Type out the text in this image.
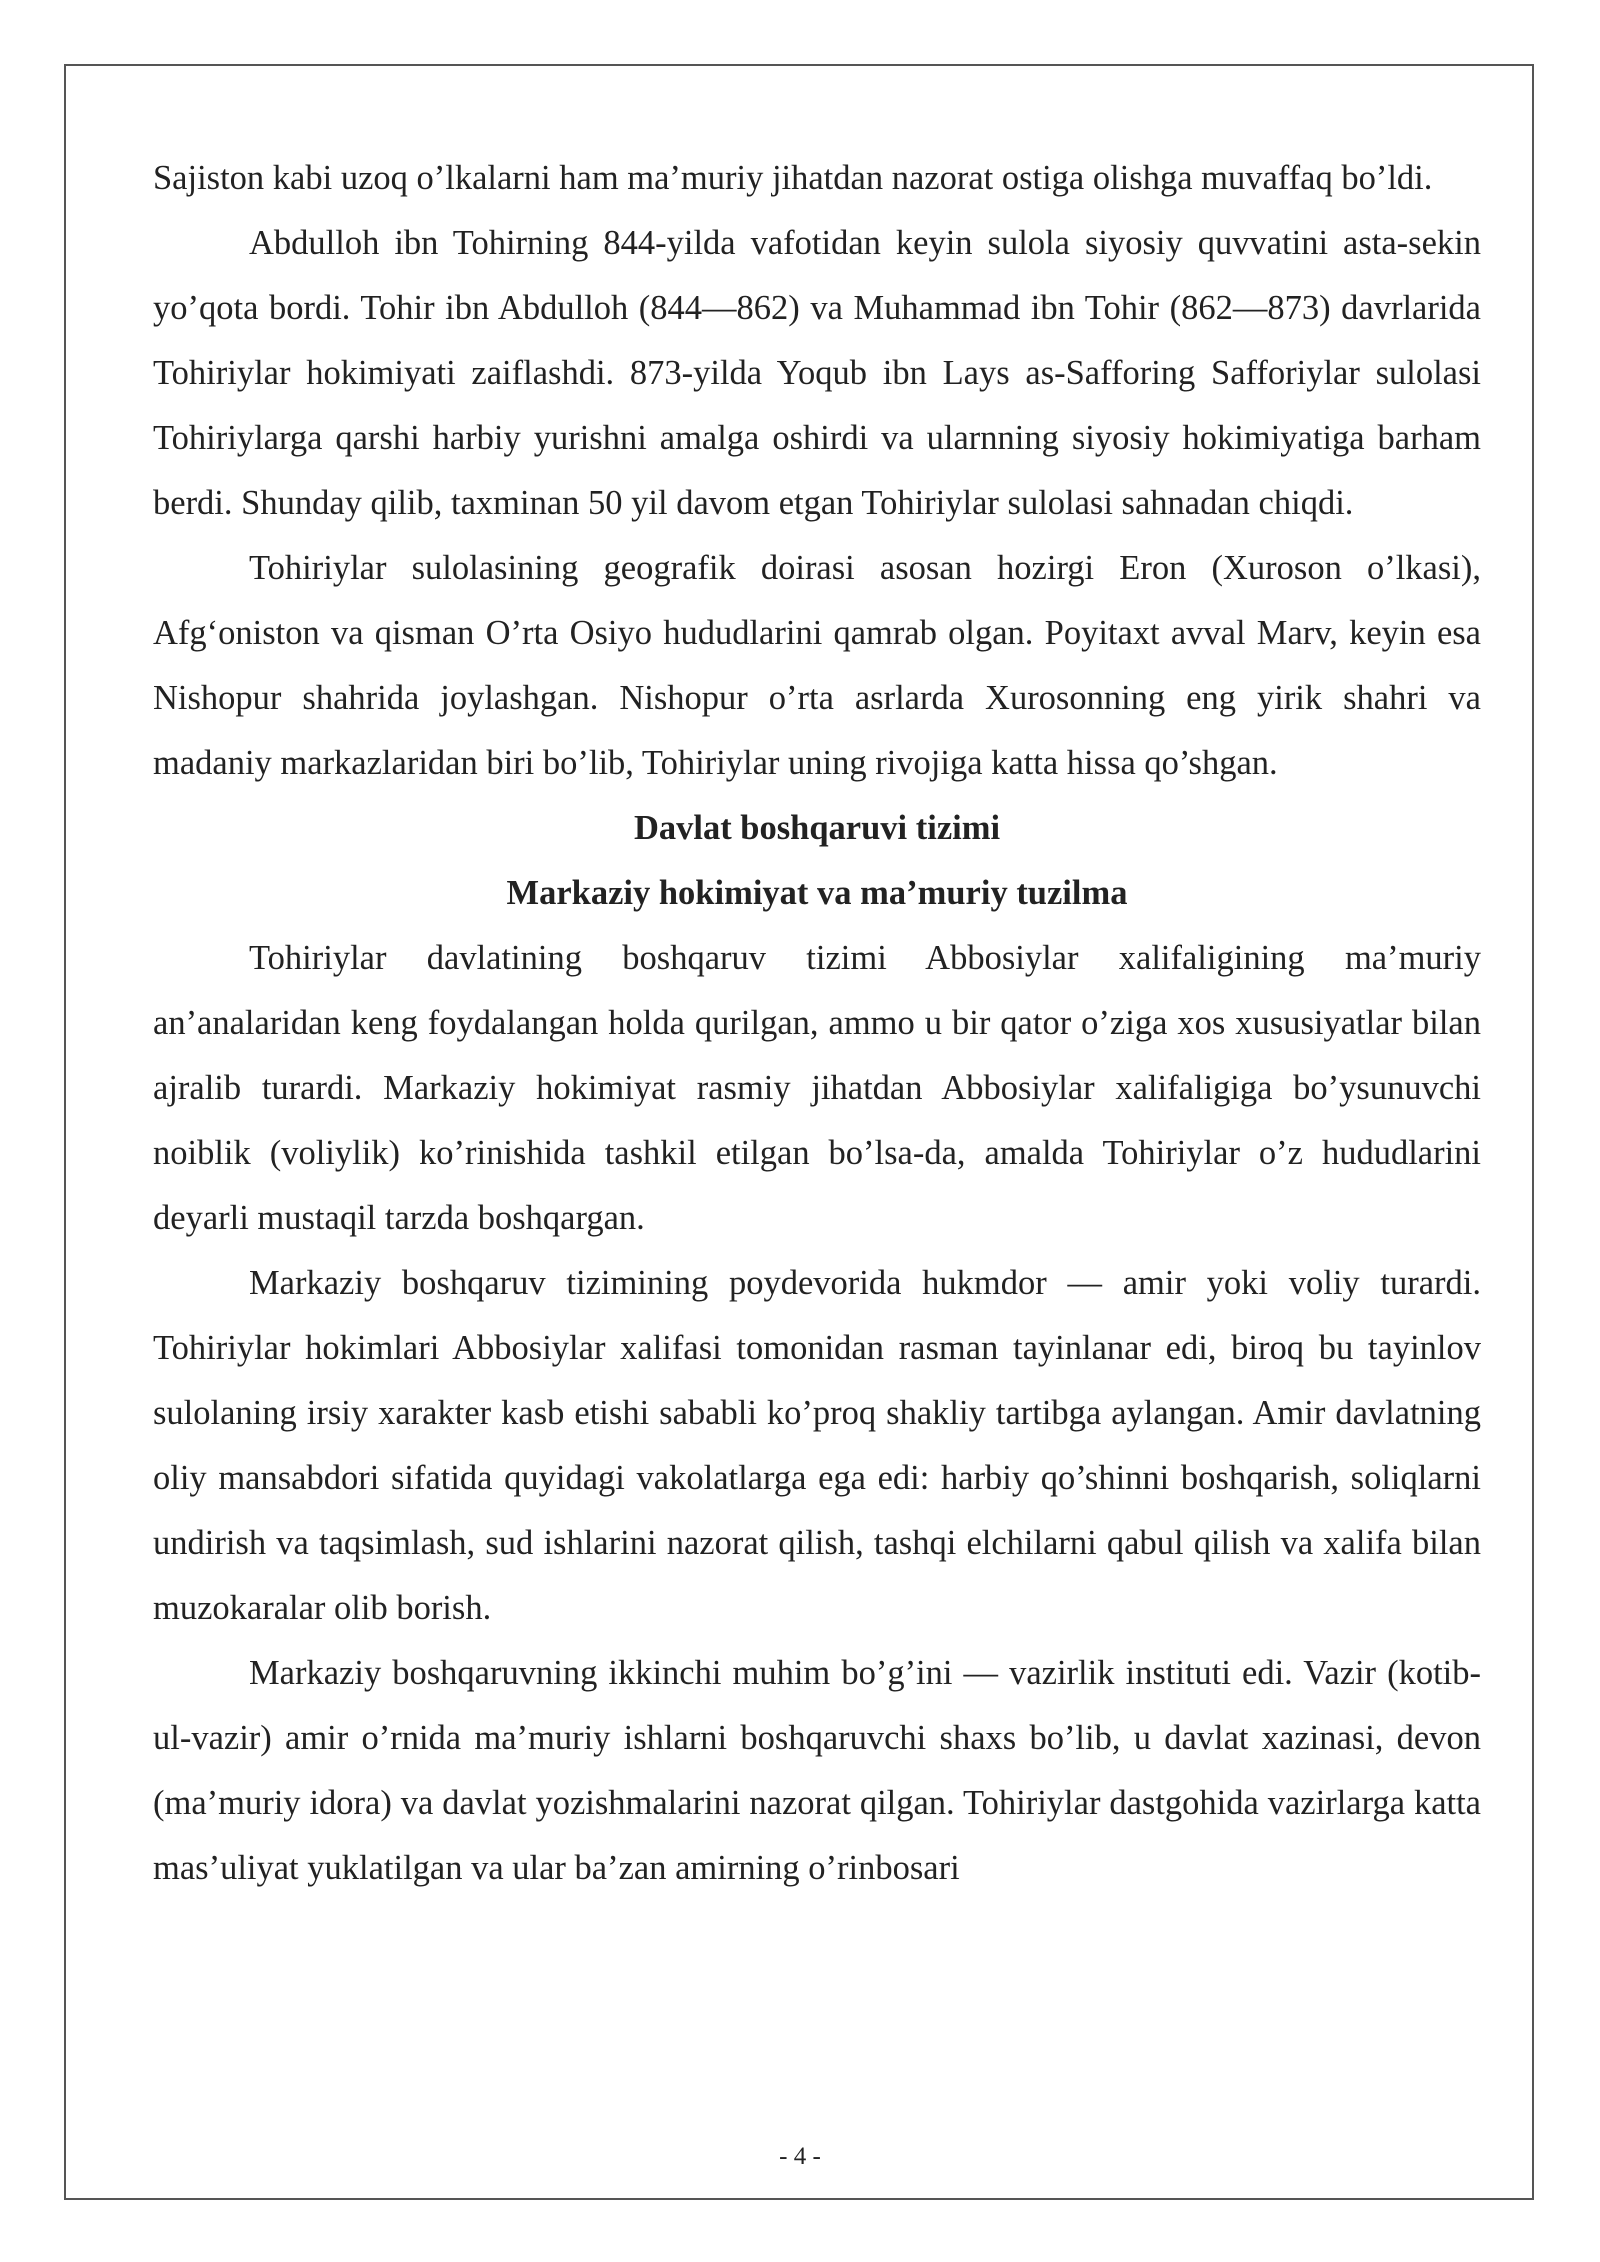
Sajiston kabi uzoq o’lkalarni ham ma’muriy jihatdan nazorat ostiga olishga muvaffaq bo’ldi.

Abdulloh ibn Tohirning 844-yilda vafotidan keyin sulola siyosiy quvvatini asta-sekin yo’qota bordi. Tohir ibn Abdulloh (844—862) va Muhammad ibn Tohir (862—873) davrlarida Tohiriylar hokimiyati zaiflashdi. 873-yilda Yoqub ibn Lays as-Safforing Safforiylar sulolasi Tohiriylarga qarshi harbiy yurishni amalga oshirdi va ularnning siyosiy hokimiyatiga barham berdi. Shunday qilib, taxminan 50 yil davom etgan Tohiriylar sulolasi sahnadan chiqdi.

Tohiriylar sulolasining geografik doirasi asosan hozirgi Eron (Xuroson o’lkasi), Afg‘oniston va qisman O’rta Osiyo hududlarini qamrab olgan. Poyitaxt avval Marv, keyin esa Nishopur shahrida joylashgan. Nishopur o’rta asrlarda Xurosonning eng yirik shahri va madaniy markazlaridan biri bo’lib, Tohiriylar uning rivojiga katta hissa qo’shgan.

Davlat boshqaruvi tizimi
Markaziy hokimiyat va ma’muriy tuzilma

Tohiriylar davlatining boshqaruv tizimi Abbosiylar xalifaligining ma’muriy an’analaridan keng foydalangan holda qurilgan, ammo u bir qator o’ziga xos xususiyatlar bilan ajralib turardi. Markaziy hokimiyat rasmiy jihatdan Abbosiylar xalifaligiga bo’ysunuvchi noiblik (voliylik) ko’rinishida tashkil etilgan bo’lsa-da, amalda Tohiriylar o’z hududlarini deyarli mustaqil tarzda boshqargan.

Markaziy boshqaruv tizimining poydevorida hukmdor — amir yoki voliy turardi. Tohiriylar hokimlari Abbosiylar xalifasi tomonidan rasman tayinlanar edi, biroq bu tayinlov sulolaning irsiy xarakter kasb etishi sababli ko’proq shakliy tartibga aylangan. Amir davlatning oliy mansabdori sifatida quyidagi vakolatlarga ega edi: harbiy qo’shinni boshqarish, soliqlarni undirish va taqsimlash, sud ishlarini nazorat qilish, tashqi elchilarni qabul qilish va xalifa bilan muzokaralar olib borish.

Markaziy boshqaruvning ikkinchi muhim bo’g’ini — vazirlik instituti edi. Vazir (kotib-ul-vazir) amir o’rnida ma’muriy ishlarni boshqaruvchi shaxs bo’lib, u davlat xazinasi, devon (ma’muriy idora) va davlat yozishmalarini nazorat qilgan. Tohiriylar dastgohida vazirlarga katta mas’uliyat yuklatilgan va ular ba’zan amirning o’rinbosari

- 4 -
